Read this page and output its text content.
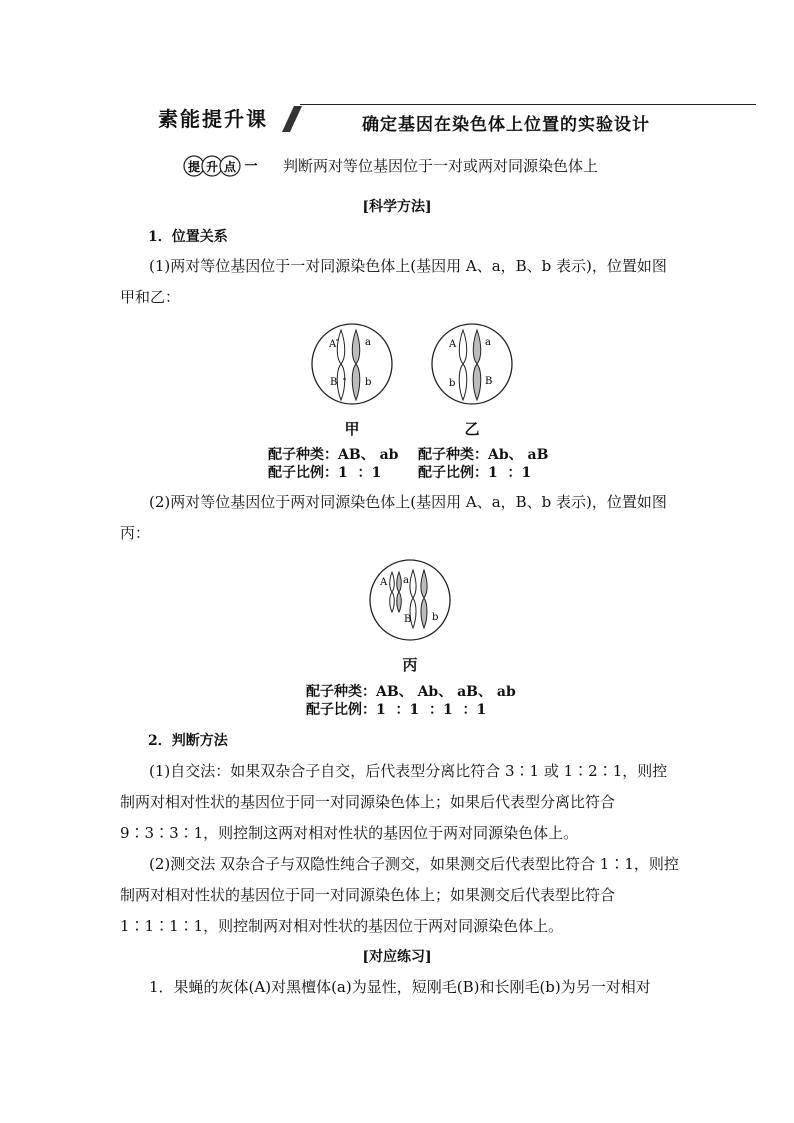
素能提升课	确定基因在染色体上位置的实验设计
提 升 点 一 判断两对等位基因位于一对或两对同源染色体上
[科学方法]
1．位置关系
(1)两对等位基因位于一对同源染色体上(基因用 A、a，B、b 表示)，位置如图甲和乙：
A	a
B	b
甲
A	a
b	B
乙
配子种类：AB、 ab
配子比例：1  ：1
配子种类：Ab、 aB
配子比例：1  ：1
(2)两对等位基因位于两对同源染色体上(基因用 A、a，B、b 表示)，位置如图丙：
A a
B b
丙
配子种类：AB、 Ab、 aB、 ab
配子比例：1  ：1  ：1  ：1
2．判断方法
(1)自交法：如果双杂合子自交，后代表型分离比符合 3∶1 或 1∶2∶1，则控制两对相对性状的基因位于同一对同源染色体上；如果后代表型分离比符合 9∶3∶3∶1，则控制这两对相对性状的基因位于两对同源染色体上。
(2)测交法 双杂合子与双隐性纯合子测交，如果测交后代表型比符合 1∶1，则控制两对相对性状的基因位于同一对同源染色体上；如果测交后代表型比符合 1∶1∶1∶1，则控制两对相对性状的基因位于两对同源染色体上。
[对应练习]
1．果蝇的灰体(A)对黑檀体(a)为显性，短刚毛(B)和长刚毛(b)为另一对相对
